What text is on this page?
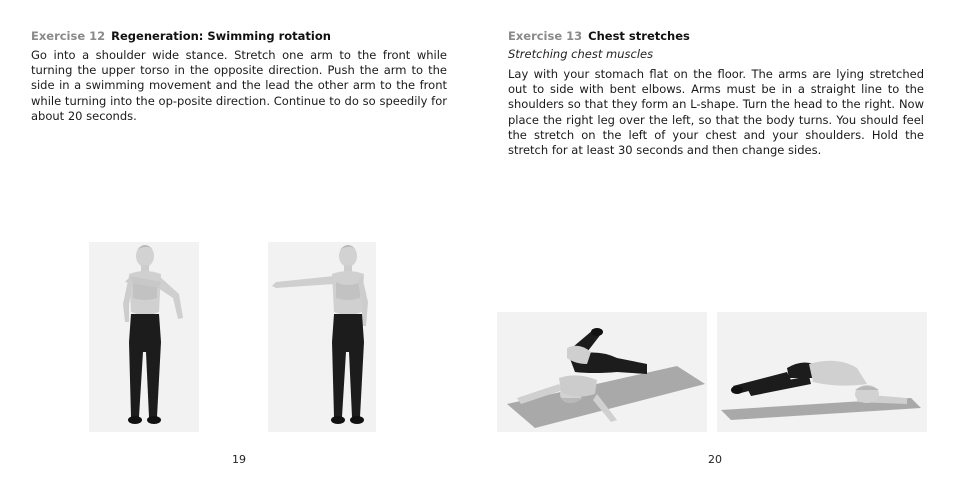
Exercise 12 Regeneration: Swimming rotation
Go into a shoulder wide stance. Stretch one arm to the front while turning the upper torso in the opposite direction. Push the arm to the side in a swimming movement and the lead the other arm to the front while turning into the op-posite direction. Continue to do so speedily for about 20 seconds.
19
Exercise 13 Chest stretches
Stretching chest muscles
Lay with your stomach flat on the floor. The arms are lying stretched out to side with bent elbows. Arms must be in a straight line to the shoulders so that they form an L-shape. Turn the head to the right. Now place the right leg over the left, so that the body turns. You should feel the stretch on the left of your chest and your shoulders. Hold the stretch for at least 30 seconds and then change sides.
20
